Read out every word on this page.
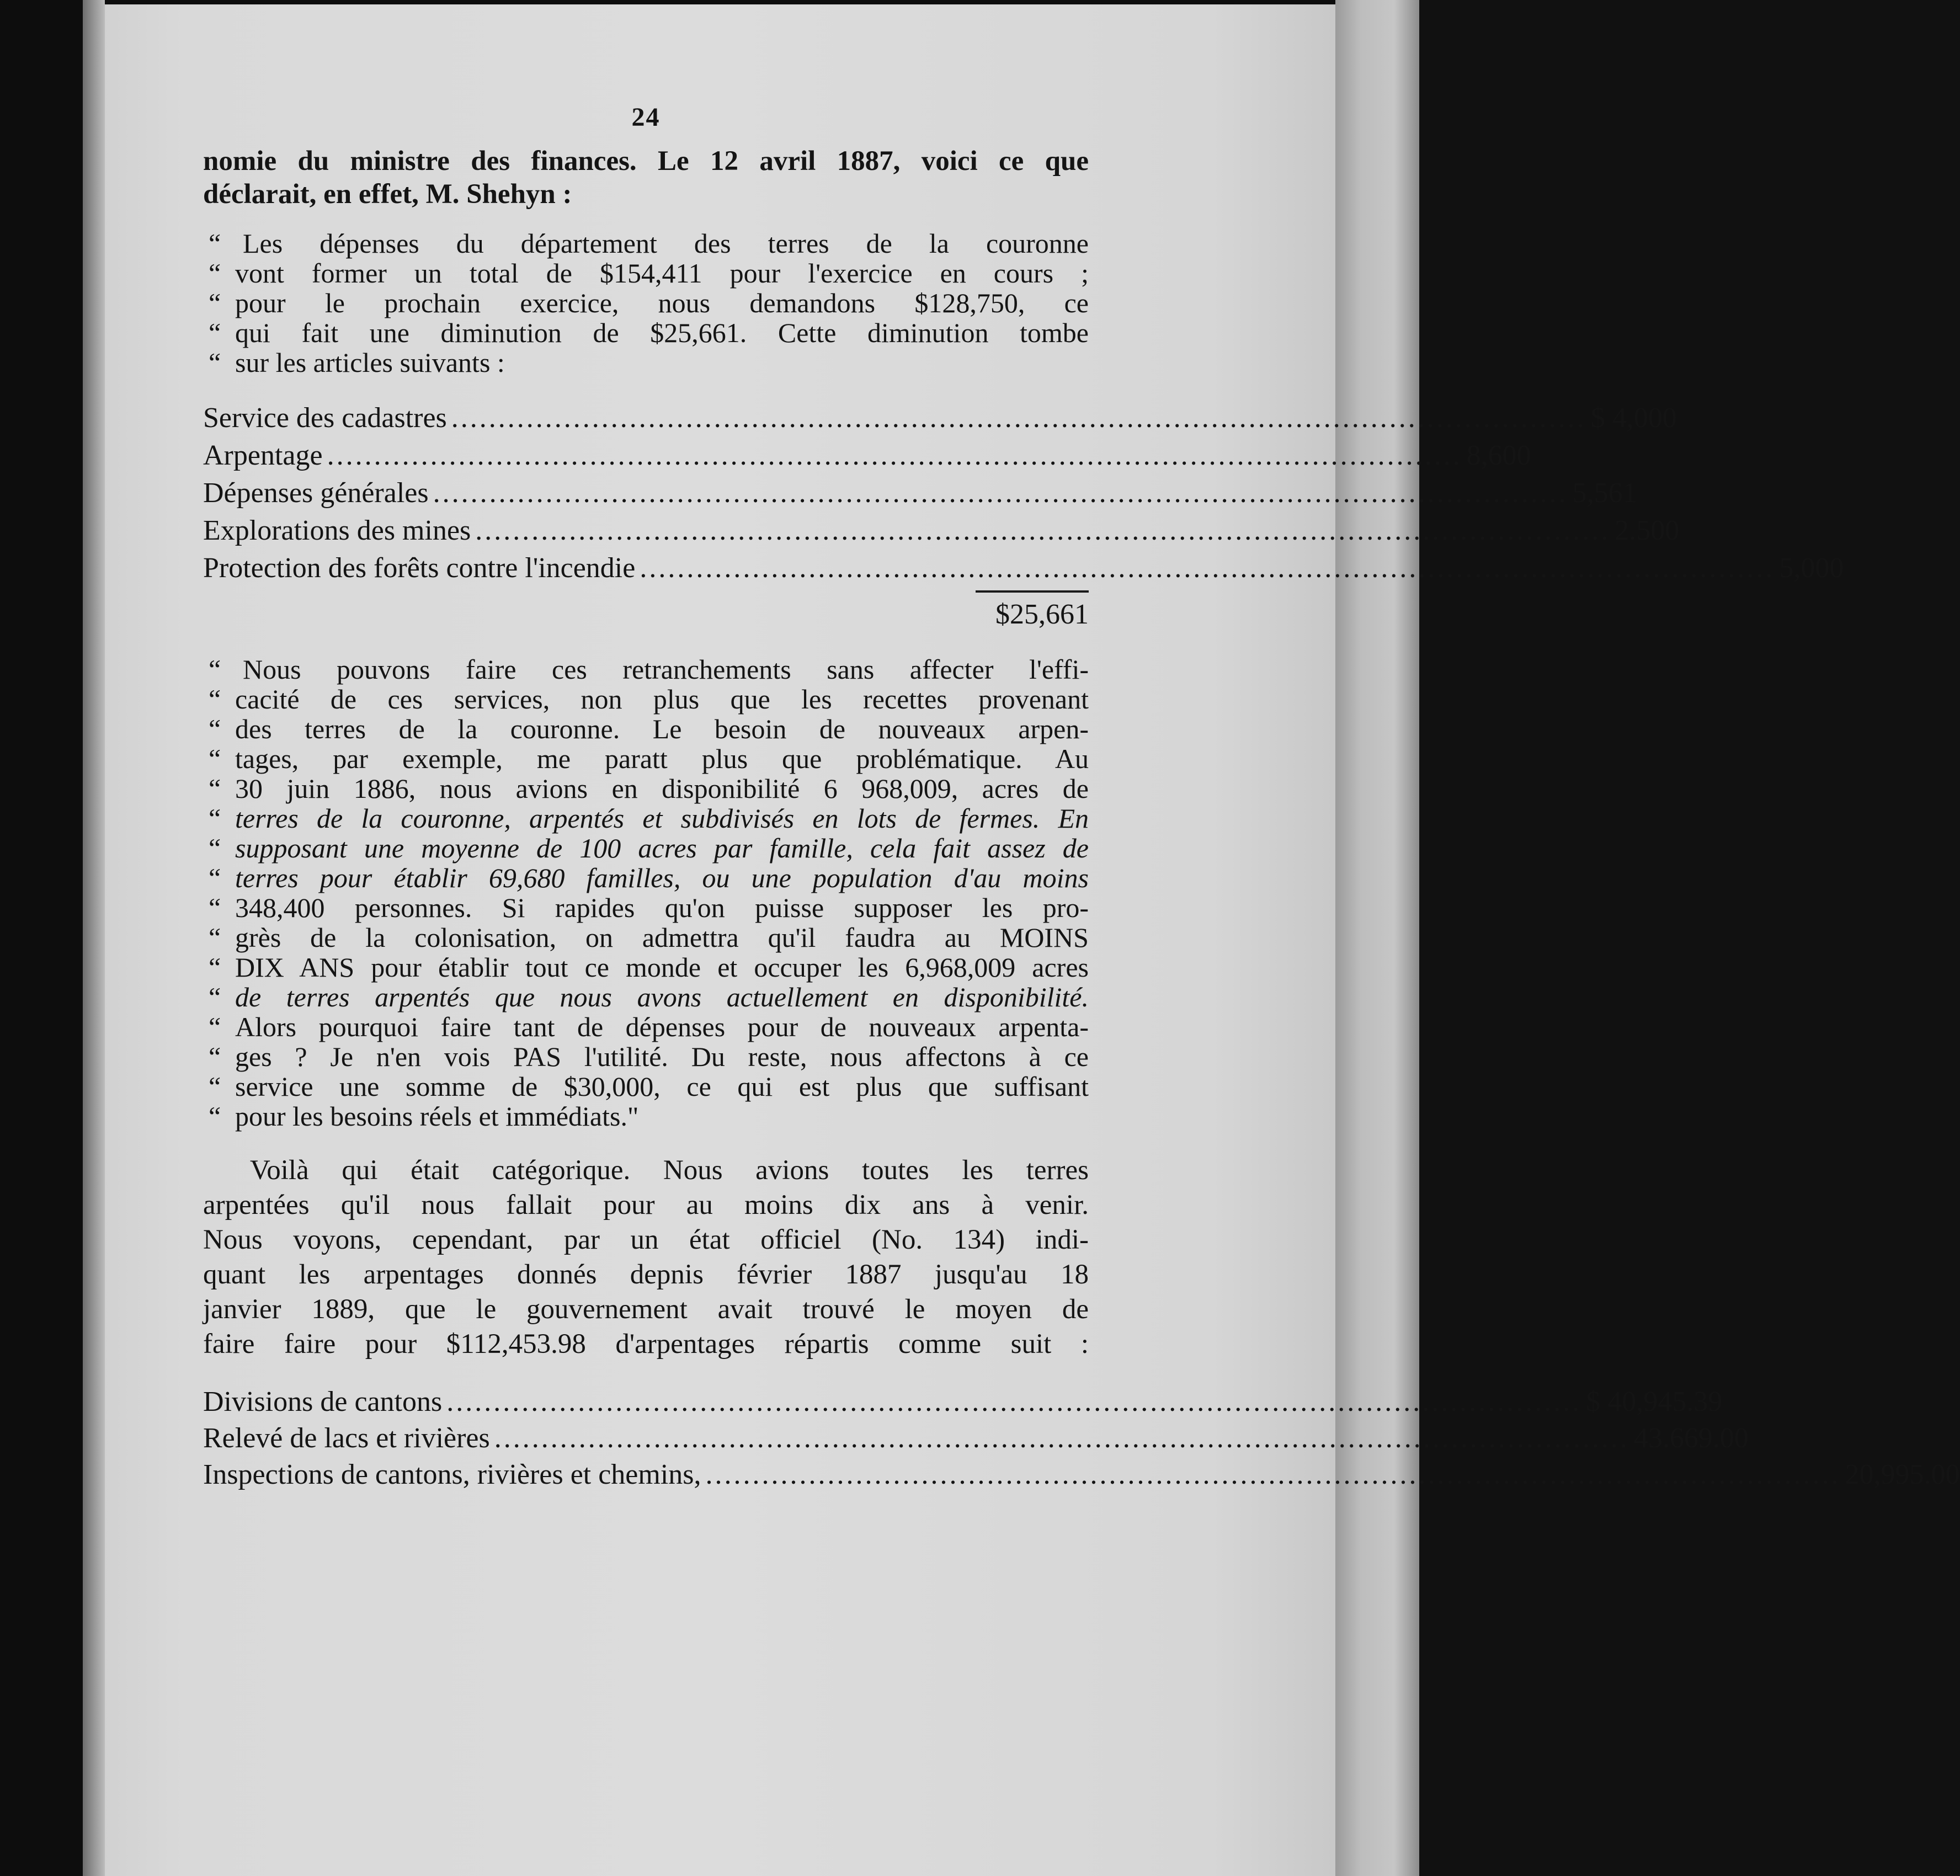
24

nomie du ministre des finances. Le 12 avril 1887, voici ce que

déclarait, en effet, M. Shehyn :

“ Les dépenses du département des terres de la couronne
“ vont former un total de $154,411 pour l'exercice en cours ;
“ pour le prochain exercice, nous demandons $128,750, ce
“ qui fait une diminution de $25,661. Cette diminution tombe
“ sur les articles suivants :
Service des cadastres ......................................................................................................................... $ 4,000
Arpentage ......................................................................................................................... 8,600
Dépenses générales ......................................................................................................................... 5,561
Explorations des mines ......................................................................................................................... 2.500
Protection des forêts contre l'incendie ......................................................................................................................... 5,000
$25,661
“ Nous pouvons faire ces retranchements sans affecter l'effi-
“ cacité de ces services, non plus que les recettes provenant
“ des terres de la couronne. Le besoin de nouveaux arpen-
“ tages, par exemple, me paratt plus que problématique. Au
“ 30 juin 1886, nous avions en disponibilité 6 968,009, acres de
“ terres de la couronne, arpentés et subdivisés en lots de fermes. En
“ supposant une moyenne de 100 acres par famille, cela fait assez de
“ terres pour établir 69,680 familles, ou une population d'au moins
“ 348,400 personnes. Si rapides qu'on puisse supposer les pro-
“ grès de la colonisation, on admettra qu'il faudra au MOINS
“ DIX ANS pour établir tout ce monde et occuper les 6,968,009 acres
“ de terres arpentés que nous avons actuellement en disponibilité.
“ Alors pourquoi faire tant de dépenses pour de nouveaux arpenta-
“ ges ? Je n'en vois PAS l'utilité. Du reste, nous affectons à ce
“ service une somme de $30,000, ce qui est plus que suffisant
“ pour les besoins réels et immédiats."

Voilà qui était catégorique. Nous avions toutes les terres

arpentées qu'il nous fallait pour au moins dix ans à venir.

Nous voyons, cependant, par un état officiel (No. 134) indi-

quant les arpentages donnés depnis février 1887 jusqu'au 18

janvier 1889, que le gouvernement avait trouvé le moyen de

faire faire pour $112,453.98 d'arpentages répartis comme suit :

Divisions de cantons ......................................................................................................................... $ 40,945.39
Relevé de lacs et rivières ......................................................................................................................... 43.669.00
Inspections de cantons, rivières et chemins, ......................................................................................................................... 20,995.00
